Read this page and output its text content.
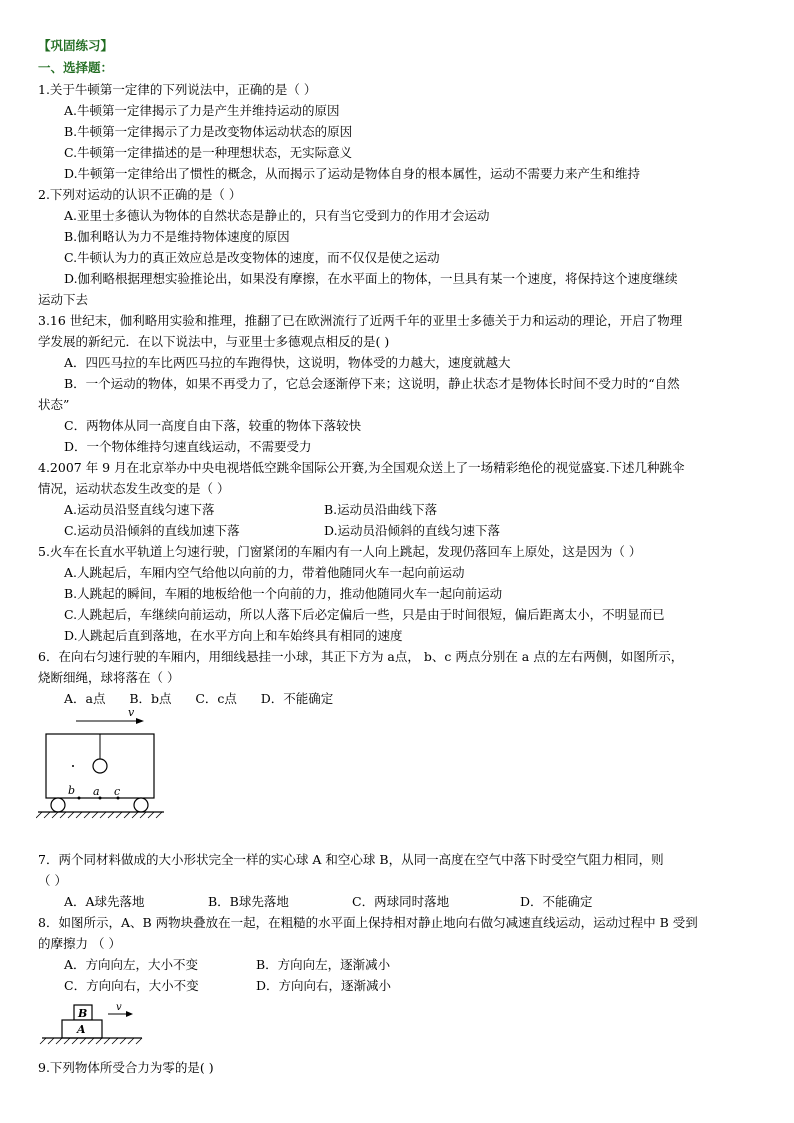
【巩固练习】
一、选择题：
1.关于牛顿第一定律的下列说法中，正确的是（ ）
A.牛顿第一定律揭示了力是产生并维持运动的原因
B.牛顿第一定律揭示了力是改变物体运动状态的原因
C.牛顿第一定律描述的是一种理想状态，无实际意义
D.牛顿第一定律给出了惯性的概念，从而揭示了运动是物体自身的根本属性，运动不需要力来产生和维持
2.下列对运动的认识不正确的是（ ）
A.亚里士多德认为物体的自然状态是静止的，只有当它受到力的作用才会运动
B.伽利略认为力不是维持物体速度的原因
C.牛顿认为力的真正效应总是改变物体的速度，而不仅仅是使之运动
D.伽利略根据理想实验推论出，如果没有摩擦，在水平面上的物体，一旦具有某一个速度，将保持这个速度继续
运动下去
3.16 世纪末，伽利略用实验和推理，推翻了已在欧洲流行了近两千年的亚里士多德关于力和运动的理论，开启了物理
学发展的新纪元．在以下说法中，与亚里士多德观点相反的是( )
A．四匹马拉的车比两匹马拉的车跑得快，这说明，物体受的力越大，速度就越大
B．一个运动的物体，如果不再受力了，它总会逐渐停下来；这说明，静止状态才是物体长时间不受力时的“自然
状态”
C．两物体从同一高度自由下落，较重的物体下落较快
D．一个物体维持匀速直线运动，不需要受力
4.2007 年 9 月在北京举办中央电视塔低空跳伞国际公开赛,为全国观众送上了一场精彩绝伦的视觉盛宴.下述几种跳伞
情况，运动状态发生改变的是（ ）
A.运动员沿竖直线匀速下落	B.运动员沿曲线下落
C.运动员沿倾斜的直线加速下落	D.运动员沿倾斜的直线匀速下落
5.火车在长直水平轨道上匀速行驶，门窗紧闭的车厢内有一人向上跳起，发现仍落回车上原处，这是因为（ ）
A.人跳起后，车厢内空气给他以向前的力，带着他随同火车一起向前运动
B.人跳起的瞬间，车厢的地板给他一个向前的力，推动他随同火车一起向前运动
C.人跳起后，车继续向前运动，所以人落下后必定偏后一些，只是由于时间很短，偏后距离太小，不明显而已
D.人跳起后直到落地，在水平方向上和车始终具有相同的速度
6．在向右匀速行驶的车厢内，用细线悬挂一小球，其正下方为 a点， b、c 两点分别在 a 点的左右两侧，如图所示，
烧断细绳，球将落在（ ）
A．a点      B．b点      C．c点      D．不能确定
v
b a c
7．两个同材料做成的大小形状完全一样的实心球 A 和空心球 B，从同一高度在空气中落下时受空气阻力相同，则
（ ）
A．A球先落地	B．B球先落地	C．两球同时落地	D．不能确定
8．如图所示，A、B 两物块叠放在一起，在粗糙的水平面上保持相对静止地向右做匀减速直线运动，运动过程中 B 受到
的摩擦力 （ ）
A．方向向左，大小不变	B．方向向左，逐渐减小
C．方向向右，大小不变	D．方向向右，逐渐减小
B
A
v
9.下列物体所受合力为零的是( )
